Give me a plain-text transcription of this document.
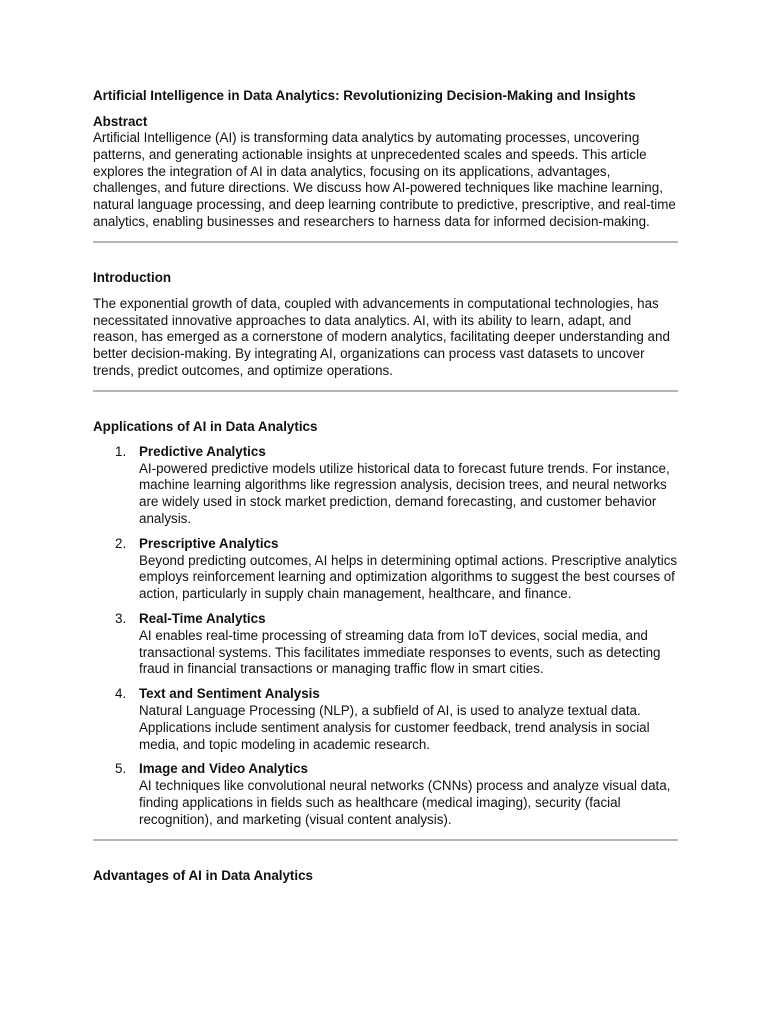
Artificial Intelligence in Data Analytics: Revolutionizing Decision-Making and Insights
Abstract

Artificial Intelligence (AI) is transforming data analytics by automating processes, uncovering patterns, and generating actionable insights at unprecedented scales and speeds. This article explores the integration of AI in data analytics, focusing on its applications, advantages, challenges, and future directions. We discuss how AI-powered techniques like machine learning, natural language processing, and deep learning contribute to predictive, prescriptive, and real-time analytics, enabling businesses and researchers to harness data for informed decision-making.

Introduction

The exponential growth of data, coupled with advancements in computational technologies, has necessitated innovative approaches to data analytics. AI, with its ability to learn, adapt, and reason, has emerged as a cornerstone of modern analytics, facilitating deeper understanding and better decision-making. By integrating AI, organizations can process vast datasets to uncover trends, predict outcomes, and optimize operations.

Applications of AI in Data Analytics
1. Predictive Analytics
AI-powered predictive models utilize historical data to forecast future trends. For instance, machine learning algorithms like regression analysis, decision trees, and neural networks are widely used in stock market prediction, demand forecasting, and customer behavior analysis.
2. Prescriptive Analytics
Beyond predicting outcomes, AI helps in determining optimal actions. Prescriptive analytics employs reinforcement learning and optimization algorithms to suggest the best courses of action, particularly in supply chain management, healthcare, and finance.
3. Real-Time Analytics
AI enables real-time processing of streaming data from IoT devices, social media, and transactional systems. This facilitates immediate responses to events, such as detecting fraud in financial transactions or managing traffic flow in smart cities.
4. Text and Sentiment Analysis
Natural Language Processing (NLP), a subfield of AI, is used to analyze textual data. Applications include sentiment analysis for customer feedback, trend analysis in social media, and topic modeling in academic research.
5. Image and Video Analytics
AI techniques like convolutional neural networks (CNNs) process and analyze visual data, finding applications in fields such as healthcare (medical imaging), security (facial recognition), and marketing (visual content analysis).
Advantages of AI in Data Analytics
